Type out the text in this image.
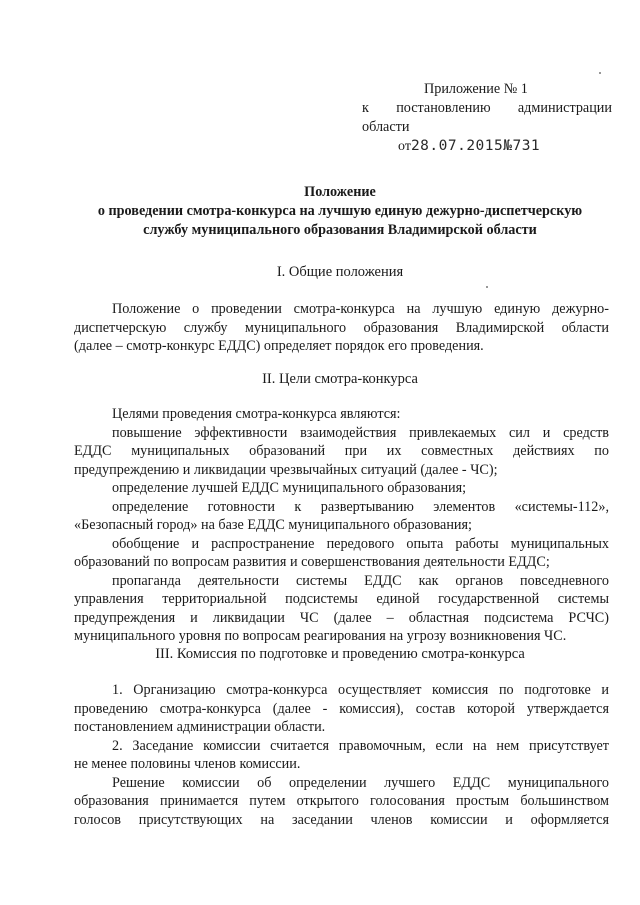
Приложение № 1
к постановлению администрации
области
от28.07.2015№731
Положение
о проведении смотра-конкурса на лучшую единую дежурно-диспетчерскую
службу муниципального образования Владимирской области
I. Общие положения
Положение о проведении смотра-конкурса на лучшую единую дежурно-
диспетчерскую службу муниципального образования Владимирской области
(далее – смотр-конкурс ЕДДС) определяет порядок его проведения.
II. Цели смотра-конкурса
Целями проведения смотра-конкурса являются:
повышение эффективности взаимодействия привлекаемых сил и средств
ЕДДС муниципальных образований при их совместных действиях по
предупреждению и ликвидации чрезвычайных ситуаций (далее - ЧС);
определение лучшей ЕДДС муниципального образования;
определение готовности к развертыванию элементов «системы-112»,
«Безопасный город» на базе ЕДДС муниципального образования;
обобщение и распространение передового опыта работы муниципальных
образований по вопросам развития и совершенствования деятельности ЕДДС;
пропаганда деятельности системы ЕДДС как органов повседневного
управления территориальной подсистемы единой государственной системы
предупреждения и ликвидации ЧС (далее – областная подсистема РСЧС)
муниципального уровня по вопросам реагирования на угрозу возникновения ЧС.
III. Комиссия по подготовке и проведению смотра-конкурса
1. Организацию смотра-конкурса осуществляет комиссия по подготовке и
проведению смотра-конкурса (далее - комиссия), состав которой утверждается
постановлением администрации области.
2. Заседание комиссии считается правомочным, если на нем присутствует
не менее половины членов комиссии.
Решение комиссии об определении лучшего ЕДДС муниципального
образования принимается путем открытого голосования простым большинством
голосов присутствующих на заседании членов комиссии и оформляется
